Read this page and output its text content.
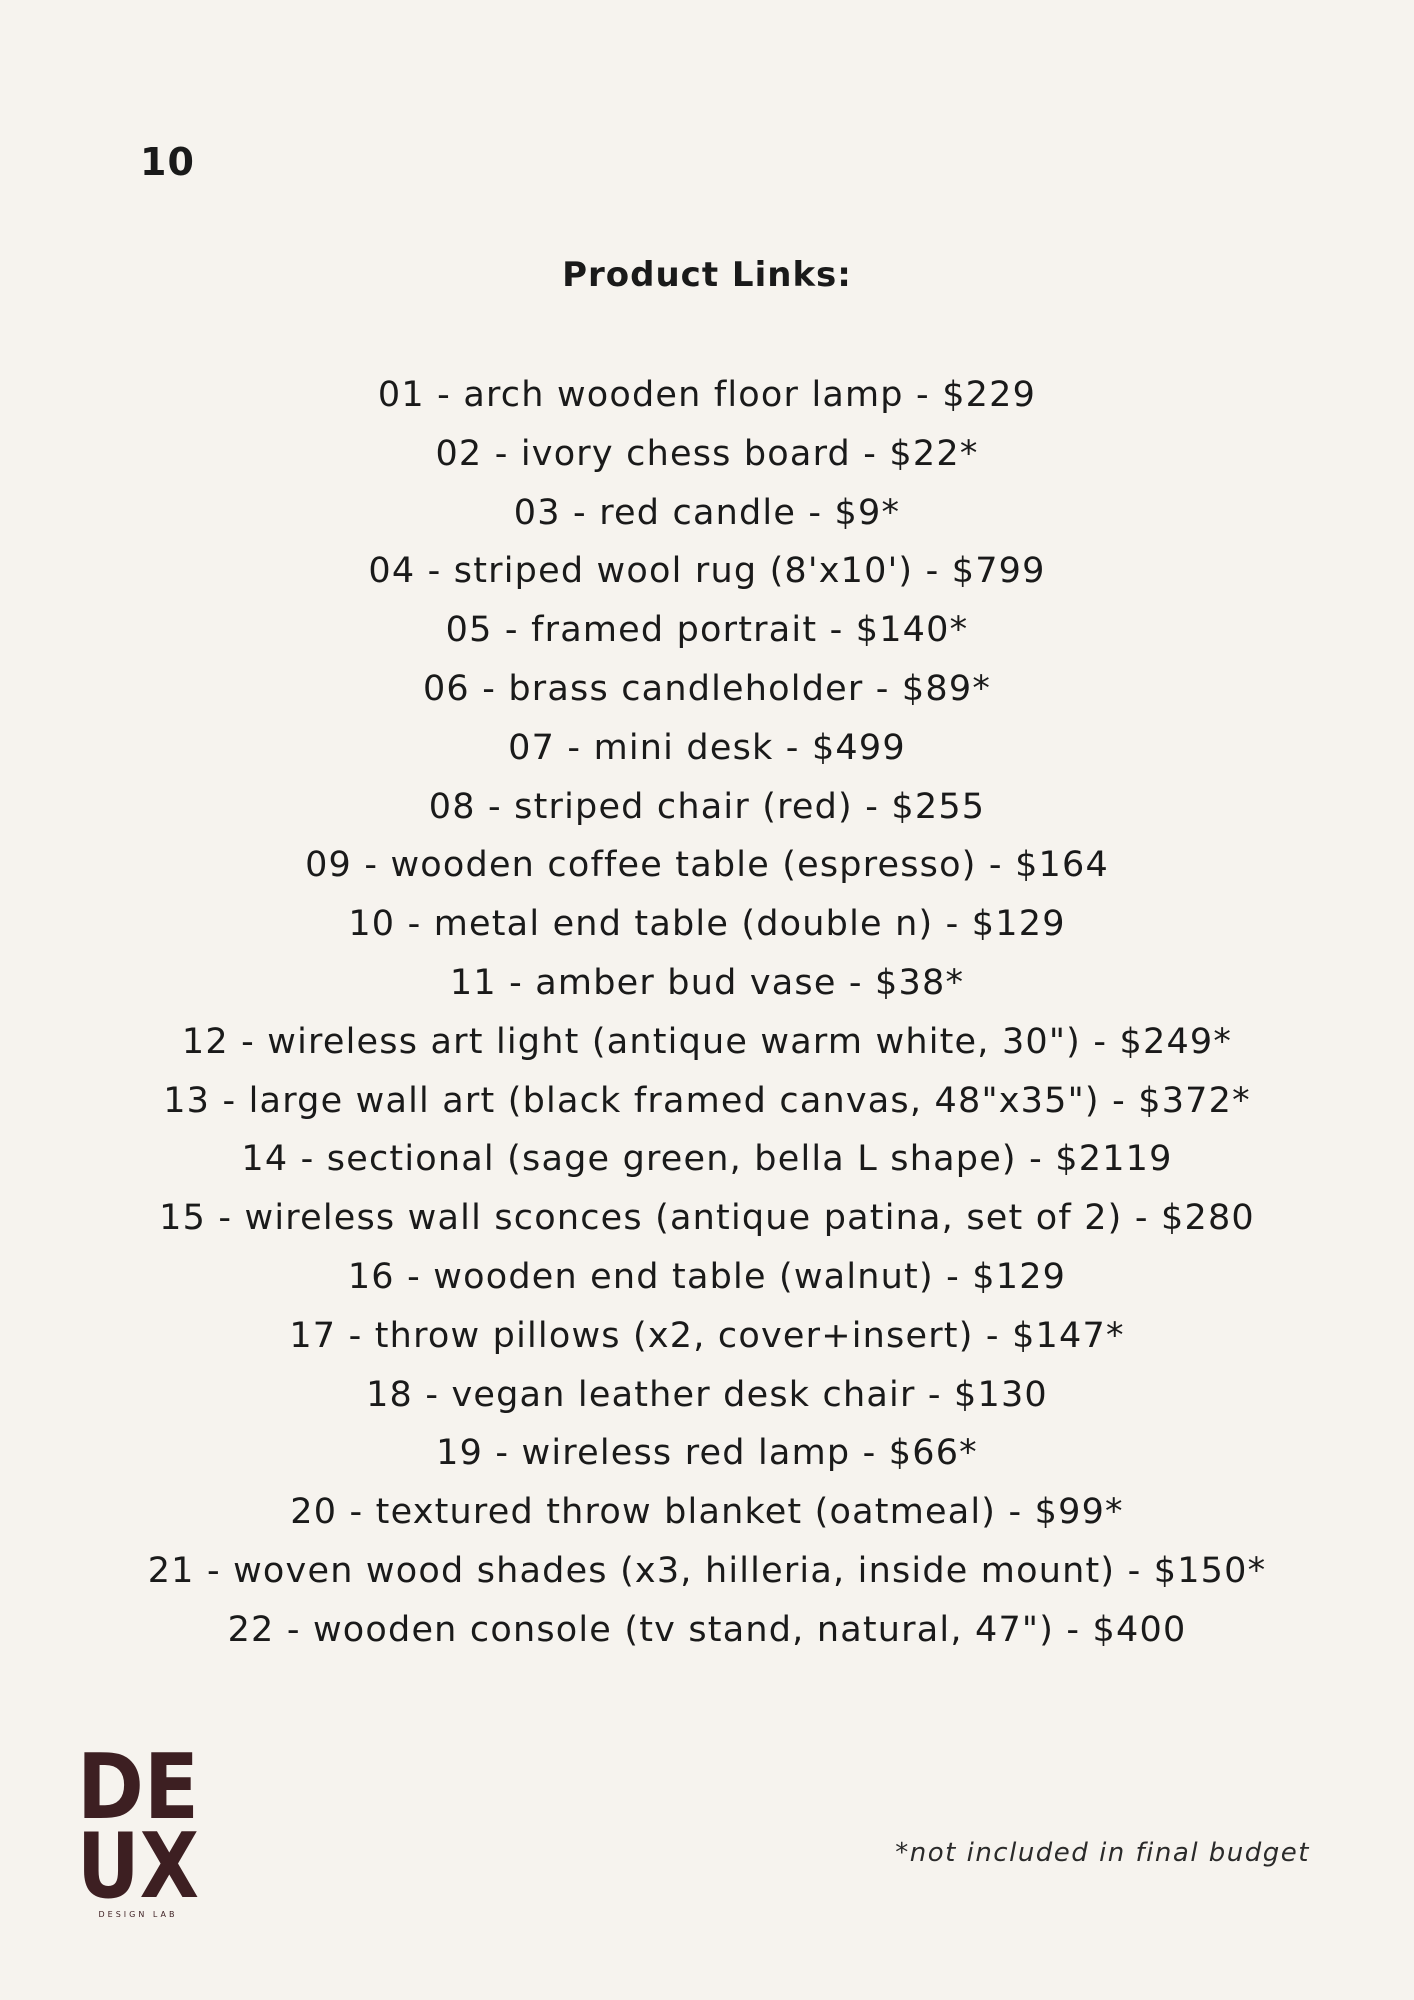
10
Product Links:
01 - arch wooden floor lamp - $229
02 - ivory chess board - $22*
03 - red candle - $9*
04 - striped wool rug (8'x10') - $799
05 - framed portrait - $140*
06 - brass candleholder - $89*
07 - mini desk - $499
08 - striped chair (red) - $255
09 - wooden coffee table (espresso) - $164
10 - metal end table (double n) - $129
11 - amber bud vase - $38*
12 - wireless art light (antique warm white, 30") - $249*
13 - large wall art (black framed canvas, 48"x35") - $372*
14 - sectional (sage green, bella L shape) - $2119
15 - wireless wall sconces (antique patina, set of 2) - $280
16 - wooden end table (walnut) - $129
17 - throw pillows (x2, cover+insert) - $147*
18 - vegan leather desk chair - $130
19 - wireless red lamp - $66*
20 - textured throw blanket (oatmeal) - $99*
21 - woven wood shades (x3, hilleria, inside mount) - $150*
22 - wooden console (tv stand, natural, 47") - $400
DE
UX
DESIGN LAB
*not included in final budget
